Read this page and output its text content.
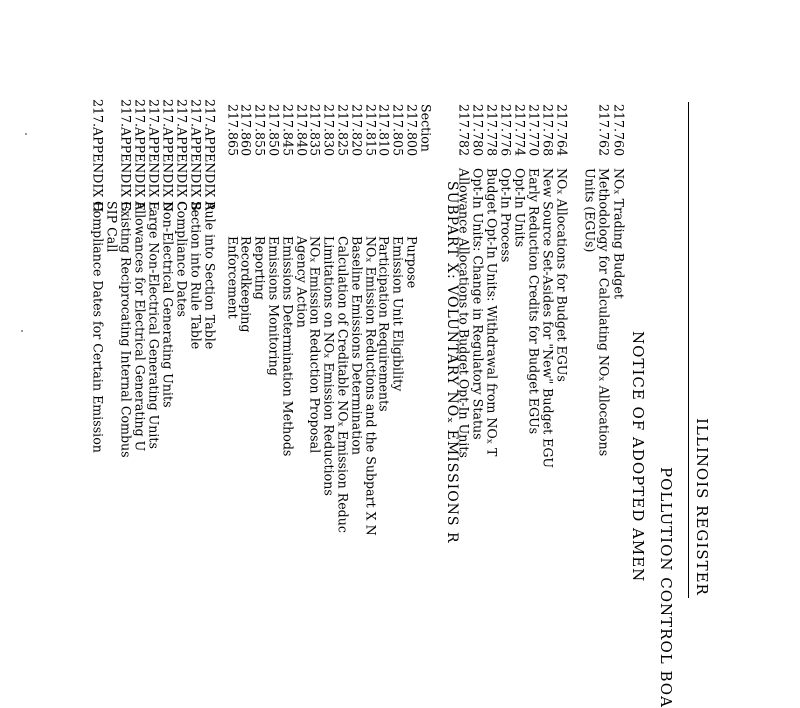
ILLINOIS REGISTER
POLLUTION CONTROL BOA
NOTICE OF ADOPTED AMEN
217.760
NOₓ Trading Budget
217.762
Methodology for Calculating NOₓ Allocations
Units (EGUs)
217.764
NOₓ Allocations for Budget EGUs
217.768
New Source Set-Asides for "New" Budget EGU
217.770
Early Reduction Credits for Budget EGUs
217.774
Opt-In Units
217.776
Opt-In Process
217.778
Budget Opt-In Units: Withdrawal from NOₓ T
217.780
Opt-In Units: Change in Regulatory Status
217.782
Allowance Allocations to Budget Opt-In Units
SUBPART X: VOLUNTARY NOₓ EMISSIONS R
Section
217.800
Purpose
217.805
Emission Unit Eligibility
217.810
Participation Requirements
217.815
NOₓ Emission Reductions and the Subpart X N
217.820
Baseline Emissions Determination
217.825
Calculation of Creditable NOₓ Emission Reduc
217.830
Limitations on NOₓ Emission Reductions
217.835
NOₓ Emission Reduction Proposal
217.840
Agency Action
217.845
Emissions Determination Methods
217.850
Emissions Monitoring
217.855
Reporting
217.860
Recordkeeping
217.865
Enforcement
217.APPENDIX A
Rule into Section Table
217.APPENDIX B
Section into Rule Table
217.APPENDIX C
Compliance Dates
217.APPENDIX D
Non-Electrical Generating Units
217.APPENDIX E
Large Non-Electrical Generating Units
217.APPENDIX F
Allowances for Electrical Generating U
217.APPENDIX G
Existing Reciprocating Internal Combus
SIP Call
217.APPENDIX H
Compliance Dates for Certain Emission
